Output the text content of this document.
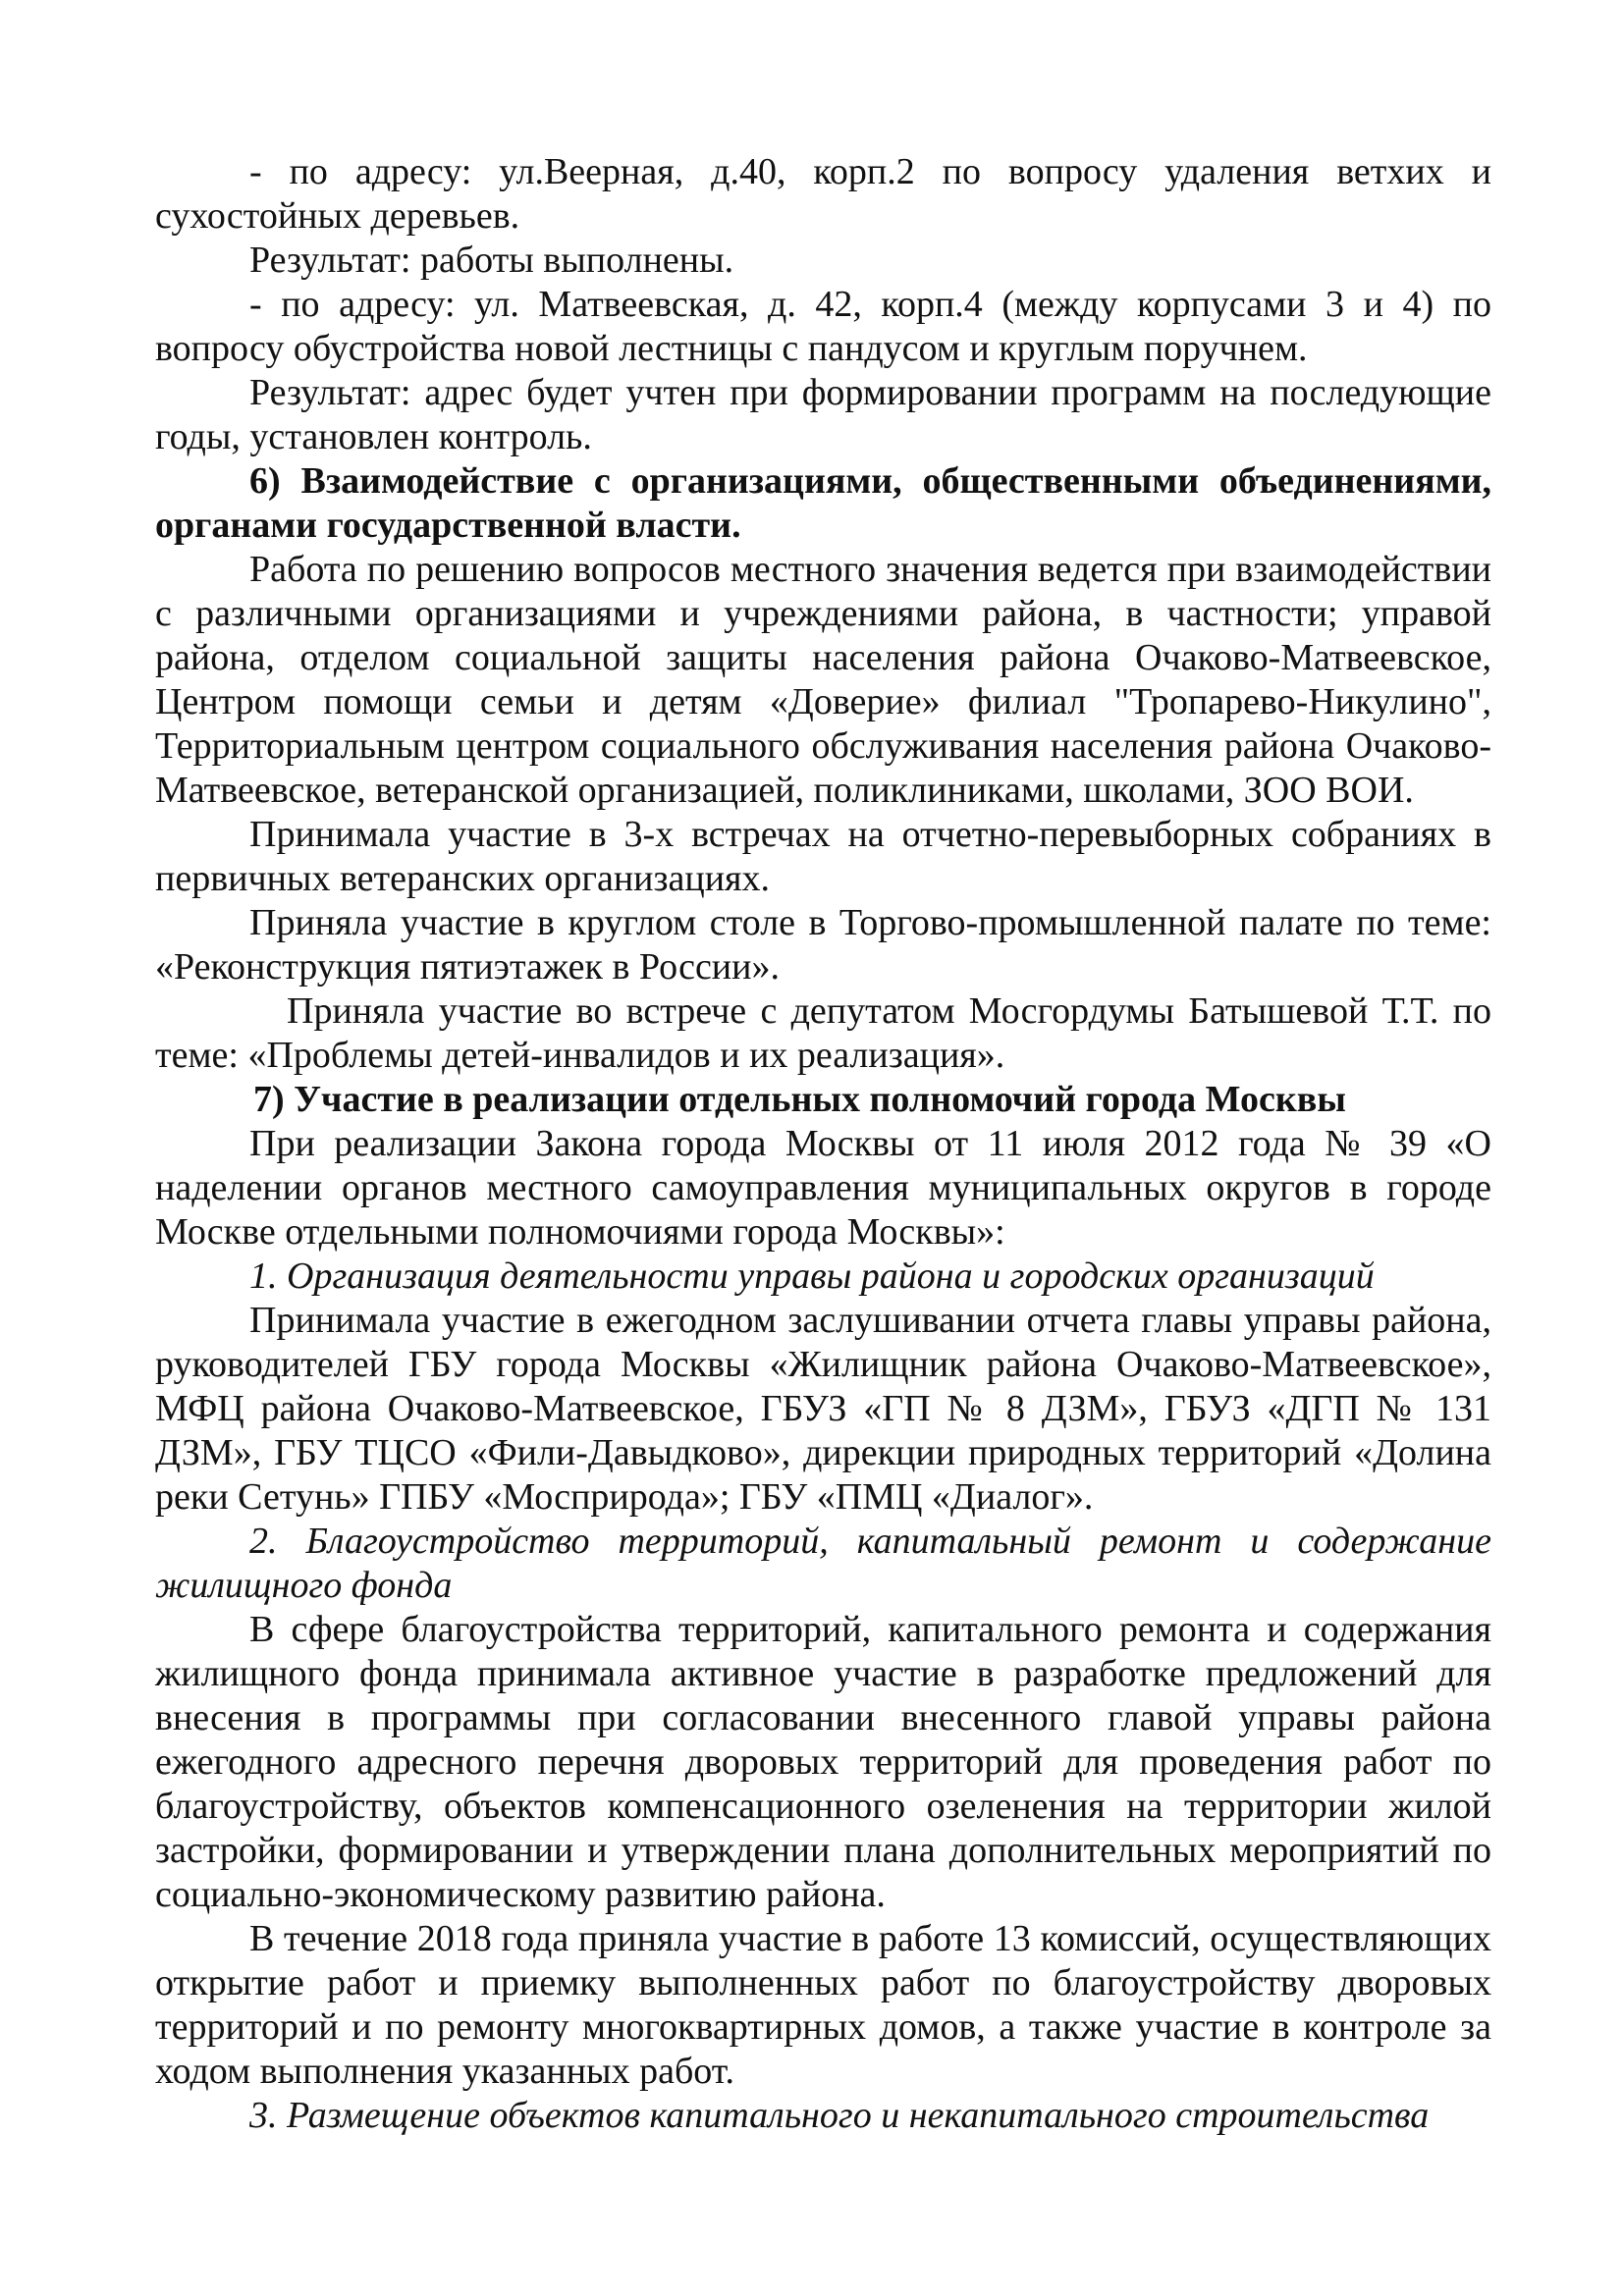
- по адресу: ул.Веерная, д.40, корп.2 по вопросу удаления ветхих и сухостойных деревьев.

Результат: работы выполнены.

- по адресу: ул. Матвеевская, д. 42, корп.4 (между корпусами 3 и 4) по вопросу обустройства новой лестницы с пандусом и круглым поручнем.

Результат: адрес будет учтен при формировании программ на последующие годы, установлен контроль.

6) Взаимодействие с организациями, общественными объединениями, органами государственной власти.

Работа по решению вопросов местного значения ведется при взаимодействии с различными организациями и учреждениями района, в частности; управой района, отделом социальной защиты населения района Очаково-Матвеевское, Центром помощи семьи и детям «Доверие» филиал "Тропарево-Никулино", Территориальным центром социального обслуживания населения района Очаково-Матвеевское, ветеранской организацией, поликлиниками, школами, ЗОО ВОИ.

Принимала участие в 3-х встречах на отчетно-перевыборных собраниях в первичных ветеранских организациях.

Приняла участие в круглом столе в Торгово-промышленной палате по теме: «Реконструкция пятиэтажек в России».

Приняла участие во встрече с депутатом Мосгордумы Батышевой Т.Т. по теме: «Проблемы детей-инвалидов и их реализация».

7) Участие в реализации отдельных полномочий города Москвы

При реализации Закона города Москвы от 11 июля 2012 года № 39 «О наделении органов местного самоуправления муниципальных округов в городе Москве отдельными полномочиями города Москвы»:

1. Организация деятельности управы района и городских организаций

Принимала участие в ежегодном заслушивании отчета главы управы района, руководителей ГБУ города Москвы «Жилищник района Очаково-Матвеевское», МФЦ района Очаково-Матвеевское, ГБУЗ «ГП № 8 ДЗМ», ГБУЗ «ДГП № 131 ДЗМ», ГБУ ТЦСО «Фили-Давыдково», дирекции природных территорий «Долина реки Сетунь» ГПБУ «Мосприрода»; ГБУ «ПМЦ «Диалог».

2. Благоустройство территорий, капитальный ремонт и содержание жилищного фонда

В сфере благоустройства территорий, капитального ремонта и содержания жилищного фонда принимала активное участие в разработке предложений для внесения в программы при согласовании внесенного главой управы района ежегодного адресного перечня дворовых территорий для проведения работ по благоустройству, объектов компенсационного озеленения на территории жилой застройки, формировании и утверждении плана дополнительных мероприятий по социально-экономическому развитию района.

В течение 2018 года приняла участие в работе 13 комиссий, осуществляющих открытие работ и приемку выполненных работ по благоустройству дворовых территорий и по ремонту многоквартирных домов, а также участие в контроле за ходом выполнения указанных работ.

3. Размещение объектов капитального и некапитального строительства
